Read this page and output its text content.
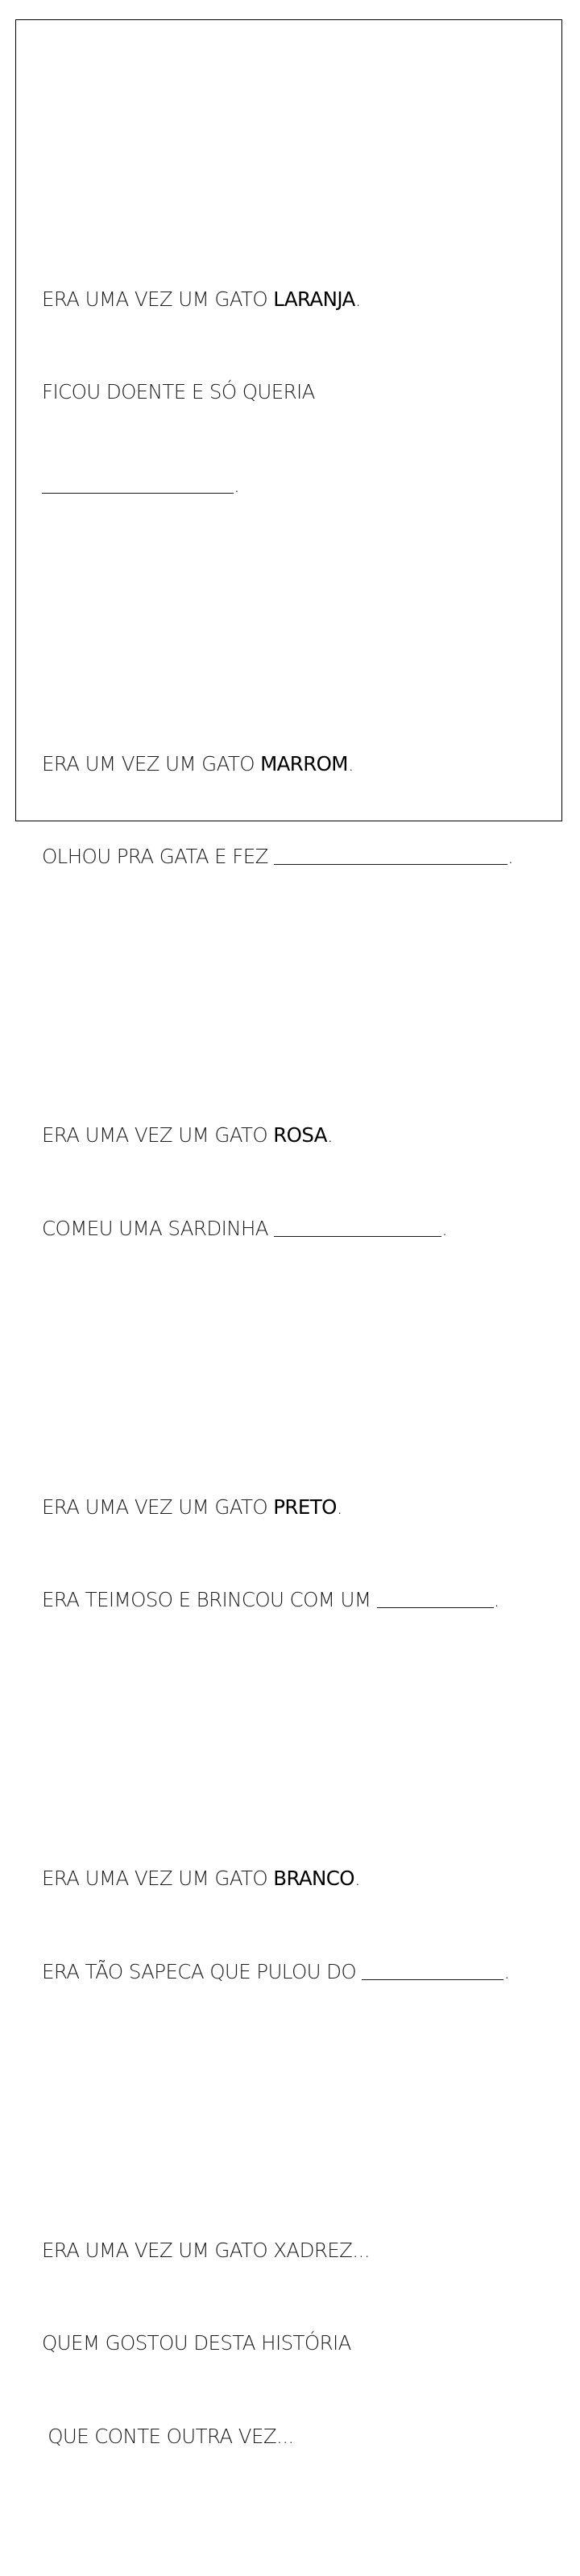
ERA UMA VEZ UM GATO LARANJA.

FICOU DOENTE E SÓ QUERIA

.

ERA UM VEZ UM GATO MARROM.

OLHOU PRA GATA E FEZ	.

ERA UMA VEZ UM GATO ROSA.

COMEU UMA SARDINHA	.

ERA UMA VEZ UM GATO PRETO.

ERA TEIMOSO E BRINCOU COM UM	.

ERA UMA VEZ UM GATO BRANCO.

ERA TÃO SAPECA QUE PULOU DO	.

ERA UMA VEZ UM GATO XADREZ...

QUEM GOSTOU DESTA HISTÓRIA

QUE CONTE OUTRA VEZ...
